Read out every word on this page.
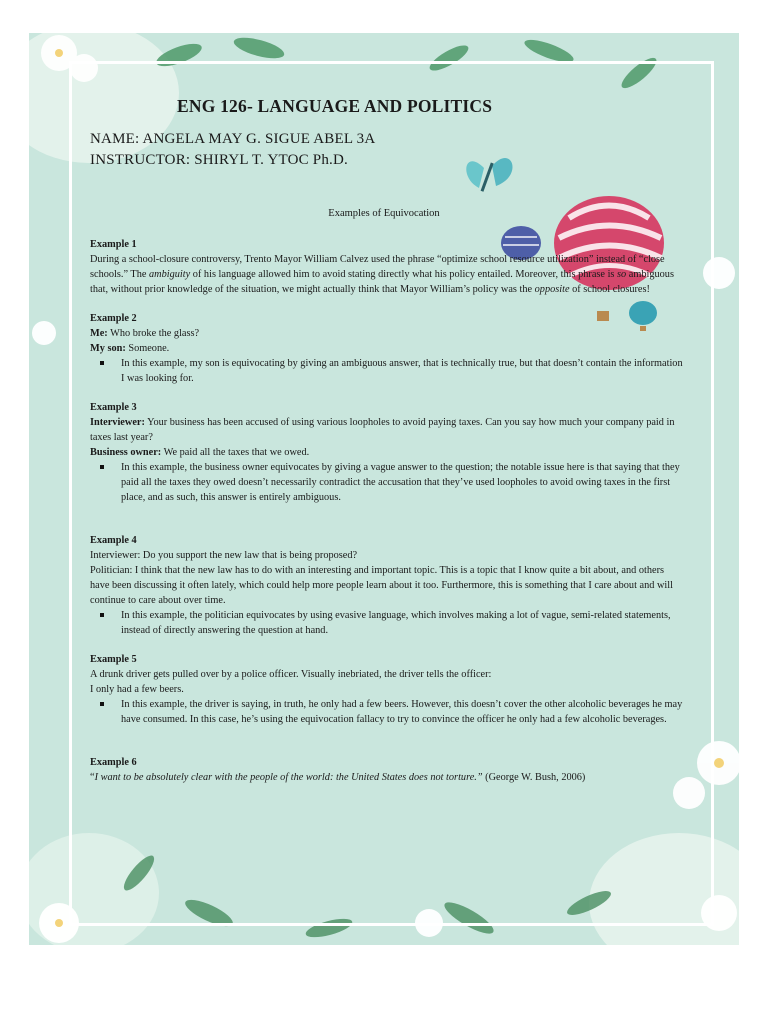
ENG 126- LANGUAGE AND POLITICS

NAME: ANGELA MAY G. SIGUE ABEL 3A

INSTRUCTOR: SHIRYL T. YTOC Ph.D.

Examples of Equivocation

Example 1

During a school-closure controversy, Trento Mayor William Calvez used the phrase “optimize school resource utilization” instead of “close schools.” The ambiguity of his language allowed him to avoid stating directly what his policy entailed. Moreover, this phrase is so ambiguous that, without prior knowledge of the situation, we might actually think that Mayor William’s policy was the opposite of school closures!

Example 2

Me: Who broke the glass?

My son: Someone.

In this example, my son is equivocating by giving an ambiguous answer, that is technically true, but that doesn’t contain the information I was looking for.

Example 3

Interviewer: Your business has been accused of using various loopholes to avoid paying taxes. Can you say how much your company paid in taxes last year?

Business owner: We paid all the taxes that we owed.

In this example, the business owner equivocates by giving a vague answer to the question; the notable issue here is that saying that they paid all the taxes they owed doesn’t necessarily contradict the accusation that they’ve used loopholes to avoid owing taxes in the first place, and as such, this answer is entirely ambiguous.

Example 4

Interviewer: Do you support the new law that is being proposed?

Politician: I think that the new law has to do with an interesting and important topic. This is a topic that I know quite a bit about, and others have been discussing it often lately, which could help more people learn about it too. Furthermore, this is something that I care about and will continue to care about over time.

In this example, the politician equivocates by using evasive language, which involves making a lot of vague, semi-related statements, instead of directly answering the question at hand.

Example 5

A drunk driver gets pulled over by a police officer. Visually inebriated, the driver tells the officer:

I only had a few beers.

In this example, the driver is saying, in truth, he only had a few beers. However, this doesn’t cover the other alcoholic beverages he may have consumed. In this case, he’s using the equivocation fallacy to try to convince the officer he only had a few alcoholic beverages.

Example 6

“I want to be absolutely clear with the people of the world: the United States does not torture.” (George W. Bush, 2006)
